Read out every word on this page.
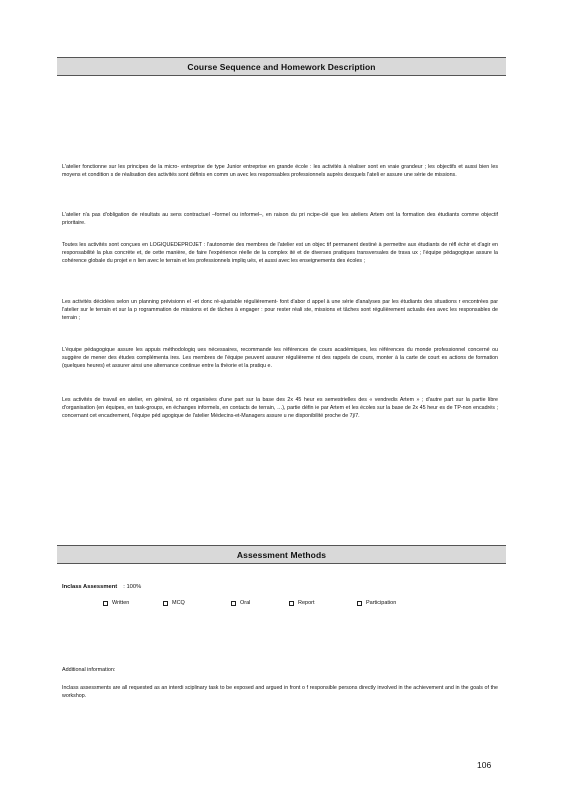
Course Sequence and Homework Description

L'atelier fonctionne sur les principes de la micro- entreprise de type Junior entreprise en grande école : les activités à réaliser sont en vraie grandeur ; les objectifs et aussi bien les moyens et condition s de réalisation des activités sont définis en comm un avec les responsables professionnels auprès desquels l'ateli er assure une série de missions.

L'atelier n'a pas d'obligation de résultats au sens contractuel –formel ou informel–, en raison du pri ncipe-clé que les ateliers Artem ont la formation des étudiants comme objectif prioritaire.

Toutes les activités sont conçues en LOGIQUEDEPROJET : l'autonomie des membres de l'atelier est un objec tif permanent destiné à permettre aux étudiants de réfl échir et d'agir en responsabilité la plus concrète et, de cette manière, de faire l'expérience réelle de la complex ité et de diverses pratiques transversales de trava ux ; l'équipe pédagogique assure la cohérence globale du projet e n lien avec le terrain et les professionnels impliq ués, et aussi avec les enseignements des écoles ;

Les activités décidées selon un planning prévisionn el -et donc ré-ajustable régulièrement- font d'abor d appel à une série d'analyses par les étudiants des situations r encontrées par l'atelier sur le terrain et sur la p rogrammation de missions et de tâches à engager : pour rester réali ste, missions et tâches sont régulièrement actualis ées avec les responsables de terrain ;

L'équipe pédagogique assure les appuis méthodologiq ues nécessaires, recommande les références de cours académiques, les références du monde professionnel concerné ou suggère de mener des études complémenta ires. Les membres de l'équipe peuvent assurer régulièreme nt des rappels de cours, monter à la carte de court es actions de formation (quelques heures) et assurer ainsi une alternance continue entre la théorie et la pratiqu e.

Les activités de travail en atelier, en général, so nt organisées d'une part sur la base des 2x 45 heur es semestrielles des « vendredis Artem » ; d'autre part sur la partie libre d'organisation (en équipes, en task-groups, en échanges informels, en contacts de terrain, …), partie défin ie par Artem et les écoles sur la base de 2x 45 heur es de TP-non encadrés ; concernant cet encadrement, l'équipe péd agogique de l'atelier Médecins-et-Managers assure u ne disponibilité proche de 7j/7.

Assessment Methods
Inclass Assessment : 100%
Written	MCQ	Oral	Report	Participation
Additional information:

Inclass assessments are all requested as an interdi sciplinary task to be exposed and argued in front o f responsible persons directly involved in the achievement and in the goals of the workshop.

106
